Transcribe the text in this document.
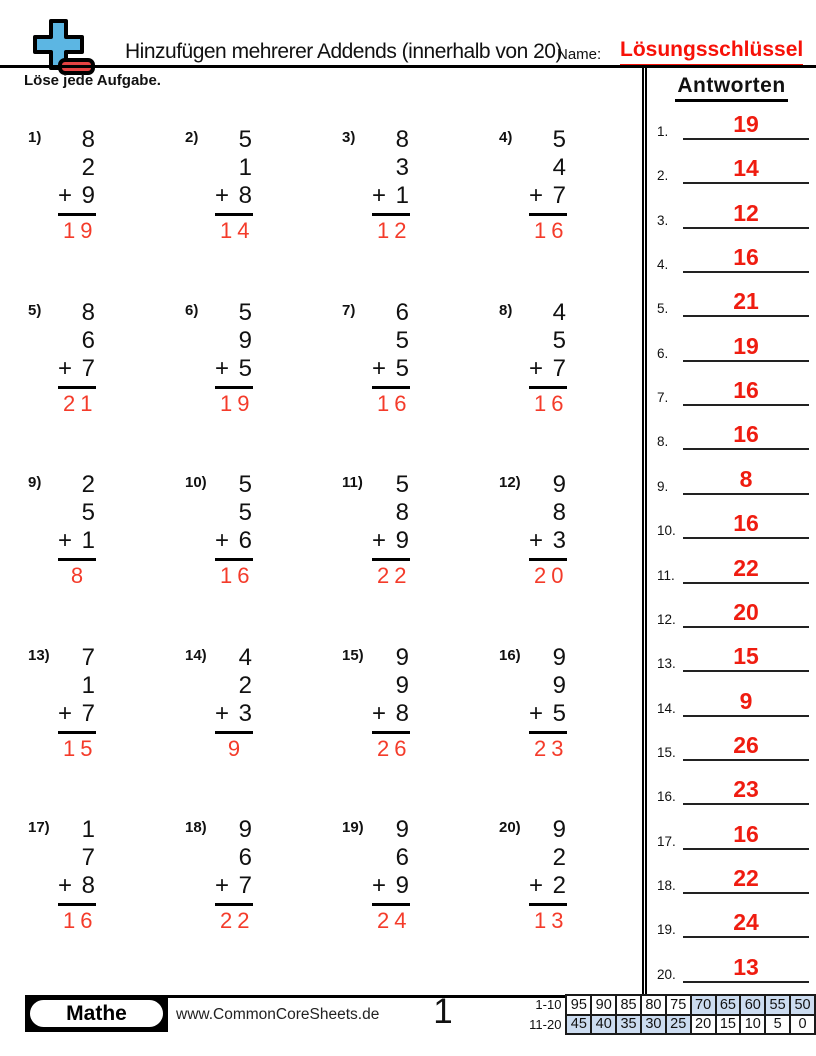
Hinzufügen mehrerer Addends (innerhalb von 20)
Name: Lösungsschlüssel
Löse jede Aufgabe.
1)	8
2
+ 9
19
2)	5
1
+ 8
14
3)	8
3
+ 1
12
4)	5
4
+ 7
16
5)	8
6
+ 7
21
6)	5
9
+ 5
19
7)	6
5
+ 5
16
8)	4
5
+ 7
16
9)	2
5
+ 1
8
10)	5
5
+ 6
16
11)	5
8
+ 9
22
12)	9
8
+ 3
20
13)	7
1
+ 7
15
14)	4
2
+ 3
9
15)	9
9
+ 8
26
16)	9
9
+ 5
23
17)	1
7
+ 8
16
18)	9
6
+ 7
22
19)	9
6
+ 9
24
20)	9
2
+ 2
13
Antworten
1.	19
2.	14
3.	12
4.	16
5.	21
6.	19
7.	16
8.	16
9.	8
10.	16
11.	22
12.	20
13.	15
14.	9
15.	26
16.	23
17.	16
18.	22
19.	24
20.	13
Mathe	www.CommonCoreSheets.de	1	1-10	95	90	85	80	75	70	65	60	55	50
11-20	45	40	35	30	25	20	15	10	5	0
